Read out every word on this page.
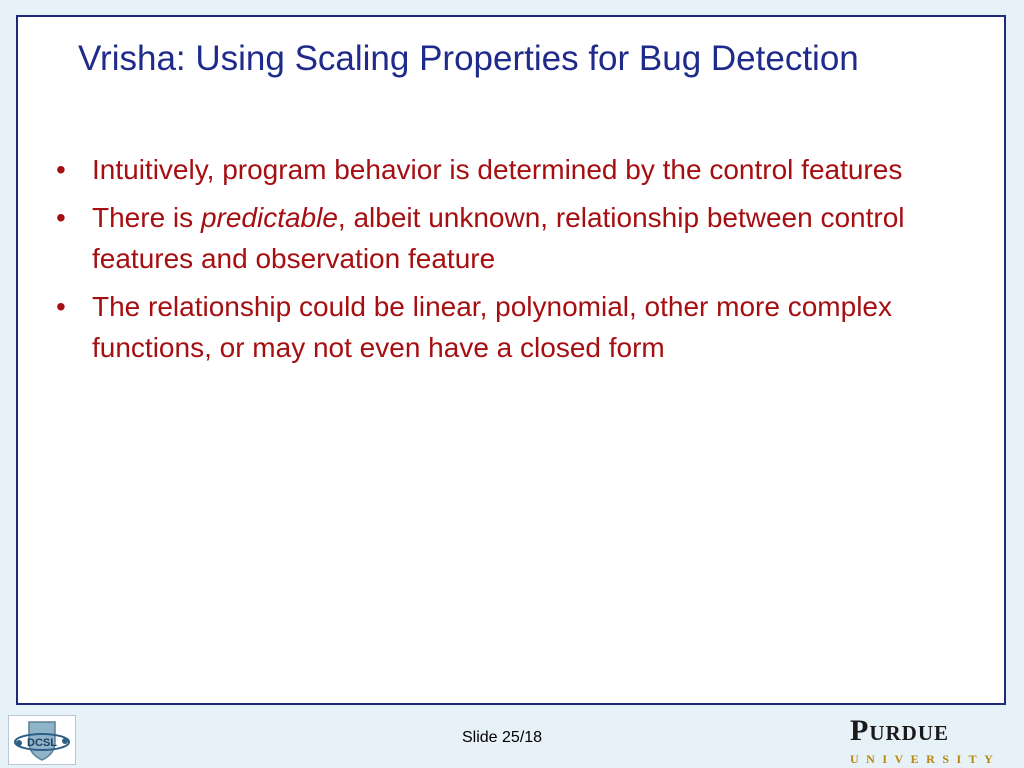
Vrisha: Using Scaling Properties for Bug Detection
• Intuitively, program behavior is determined by the control features
• There is predictable, albeit unknown, relationship between control features and observation feature
• The relationship could be linear, polynomial, other more complex functions, or may not even have a closed form
DCSL	Slide 25/18	Purdue
UNIVERSITY
